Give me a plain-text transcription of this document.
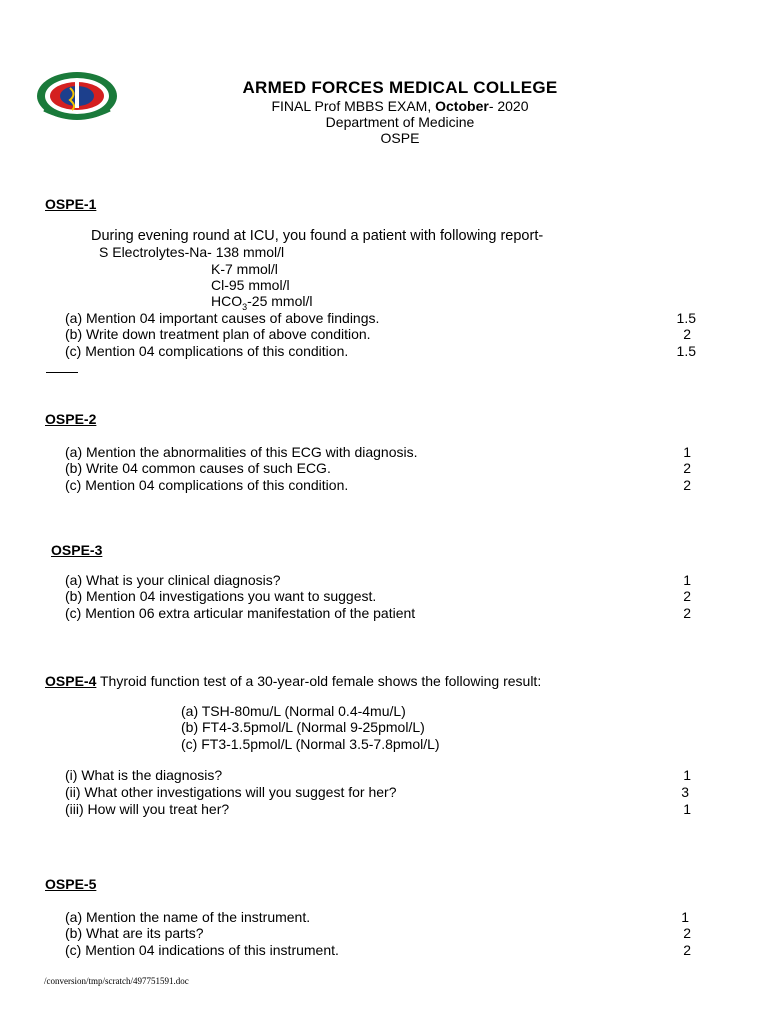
ARMED FORCES MEDICAL COLLEGE
FINAL Prof MBBS EXAM, October- 2020
Department of Medicine
OSPE
OSPE-1
During evening round at ICU, you found a patient with following report-
S Electrolytes-Na- 138 mmol/l
K-7 mmol/l
Cl-95 mmol/l
$HCO_3-25$ mmol/l
(a) Mention 04 important causes of above findings.	1.5
(b) Write down treatment plan of above condition.	2
(c) Mention 04 complications of this condition.	1.5
OSPE-2
(a) Mention the abnormalities of this ECG with diagnosis.	1
(b) Write 04 common causes of such ECG.	2
(c) Mention 04 complications of this condition.	2
OSPE-3
(a) What is your clinical diagnosis?	1
(b) Mention 04 investigations you want to suggest.	2
(c) Mention 06 extra articular manifestation of the patient	2
OSPE-4 Thyroid function test of a 30-year-old female shows the following result:
(a) TSH-80mu/L (Normal 0.4-4mu/L)
(b) FT4-3.5pmol/L (Normal 9-25pmol/L)
(c) FT3-1.5pmol/L (Normal 3.5-7.8pmol/L)
(i) What is the diagnosis?	1
(ii) What other investigations will you suggest for her?	3
(iii) How will you treat her?	1
OSPE-5
(a) Mention the name of the instrument.	1
(b) What are its parts?	2
(c) Mention 04 indications of this instrument.	2
/conversion/tmp/scratch/497751591.doc
